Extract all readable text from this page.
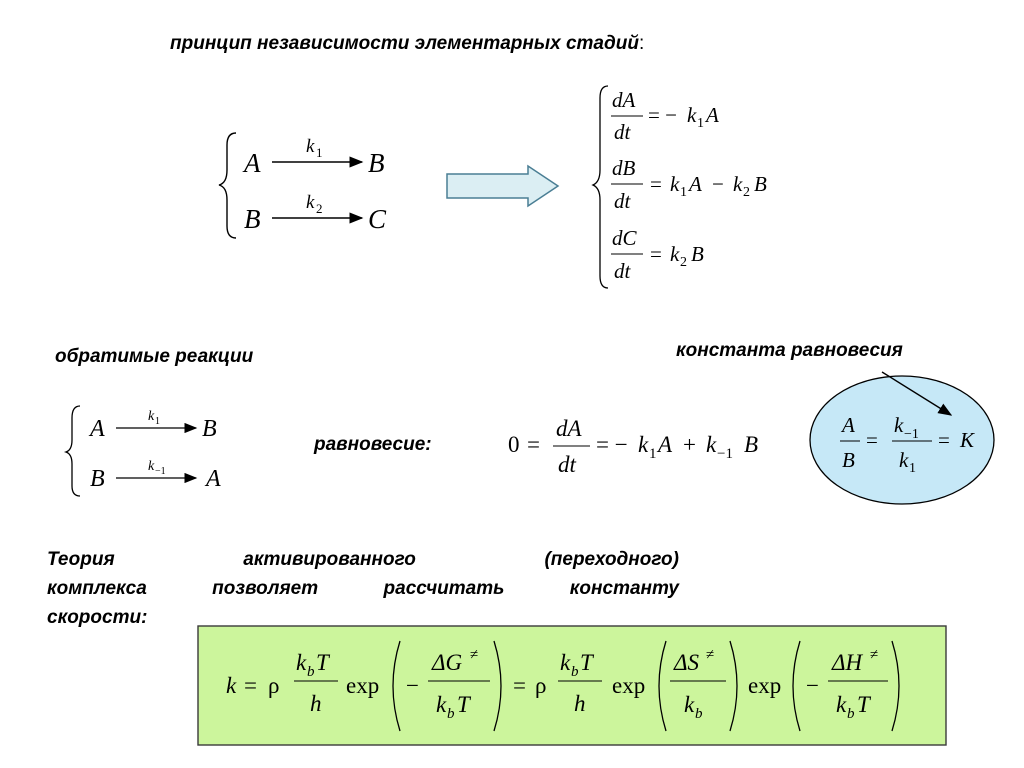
принцип независимости элементарных стадий:
обратимые реакции	константа равновесия
равновесие:
Теория активированного (переходного)
комплекса позволяет рассчитать константу
скорости:
A
k 1 B
B
k 2 C
dA
dt
= − k 1 A
dB
dt
= k 1 A − k 2 B
dC
dt
= k 2 B
A	k 1 B
B	k −1 A
0 =
dA
dt
= − k 1 A + k −1 B
A
B
=
k −1
k 1
= K
k = ρ
k b T
h
exp −
ΔG ≠
k b T
= ρ
k b T
h
exp
ΔS ≠
k b
exp −
ΔH ≠
k b T
